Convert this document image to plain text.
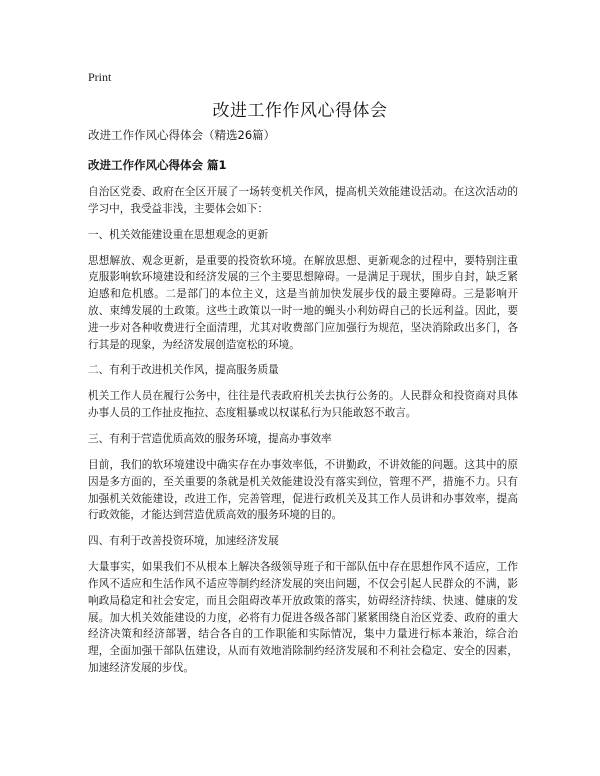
Print
改进工作作风心得体会

改进工作作风心得体会（精选26篇）

改进工作作风心得体会 篇1

自治区党委、政府在全区开展了一场转变机关作风，提高机关效能建设活动。在这次活动的学习中，我受益非浅，主要体会如下：

一、机关效能建设重在思想观念的更新

思想解放、观念更新，是重要的投资软环境。在解放思想、更新观念的过程中，要特别注重克服影响软环境建设和经济发展的三个主要思想障碍。一是满足于现状，围步自封，缺乏紧迫感和危机感。二是部门的本位主义，这是当前加快发展步伐的最主要障碍。三是影响开放、束缚发展的土政策。这些土政策以一时一地的蝇头小利妨碍自己的长远利益。因此，要进一步对各种收费进行全面清理，尤其对收费部门应加强行为规范，坚决消除政出多门，各行其是的现象，为经济发展创造宽松的环境。

二、有利于改进机关作风，提高服务质量

机关工作人员在履行公务中，往往是代表政府机关去执行公务的。人民群众和投资商对具体办事人员的工作扯皮拖拉、态度粗暴或以权谋私行为只能敢怒不敢言。

三、有利于营造优质高效的服务环境，提高办事效率

目前，我们的软环境建设中确实存在办事效率低，不讲勤政，不讲效能的问题。这其中的原因是多方面的，至关重要的条就是机关效能建设没有落实到位，管理不严，措施不力。只有加强机关效能建设，改进工作，完善管理，促进行政机关及其工作人员讲和办事效率，提高行政效能，才能达到营造优质高效的服务环境的目的。

四、有利于改善投资环境，加速经济发展

大量事实，如果我们不从根本上解决各级领导班子和干部队伍中存在思想作风不适应，工作作风不适应和生活作风不适应等制约经济发展的突出问题，不仅会引起人民群众的不满，影响政局稳定和社会安定，而且会阻碍改革开放政策的落实，妨碍经济持续、快速、健康的发展。加大机关效能建设的力度，必将有力促进各级各部门紧紧围绕自治区党委、政府的重大经济决策和经济部署，结合各自的工作职能和实际情况，集中力量进行标本兼治，综合治理，全面加强干部队伍建设，从而有效地消除制约经济发展和不利社会稳定、安全的因素，加速经济发展的步伐。
